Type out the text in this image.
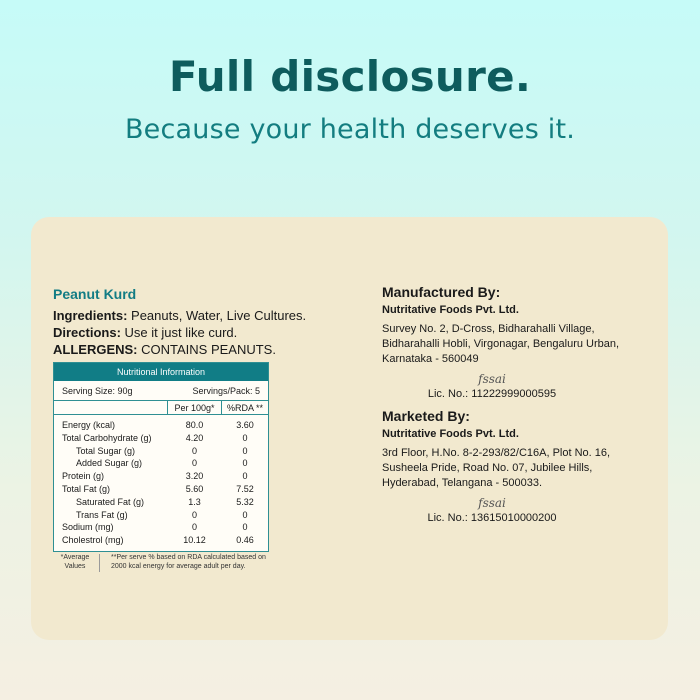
Full disclosure.
Because your health deserves it.
Peanut Kurd
Ingredients: Peanuts, Water, Live Cultures.
Directions: Use it just like curd.
ALLERGENS: CONTAINS PEANUTS.
Nutritional Information
Serving Size: 90g	Servings/Pack: 5
Per 100g*	%RDA **
Energy (kcal)	80.0	3.60
Total Carbohydrate (g)	4.20	0
Total Sugar (g)	0	0
Added Sugar (g)	0	0
Protein (g)	3.20	0
Total Fat (g)	5.60	7.52
Saturated Fat (g)	1.3	5.32
Trans Fat (g)	0	0
Sodium (mg)	0	0
Cholestrol (mg)	10.12	0.46
*Average Values
**Per serve % based on RDA calculated based on 2000 kcal energy for average adult per day.
Manufactured By:
Nutritative Foods Pvt. Ltd.
Survey No. 2, D-Cross, Bidharahalli Village, Bidharahalli Hobli, Virgonagar, Bengaluru Urban, Karnataka - 560049
fssai
Lic. No.: 11222999000595
Marketed By:
Nutritative Foods Pvt. Ltd.
3rd Floor, H.No. 8-2-293/82/C16A, Plot No. 16, Susheela Pride, Road No. 07, Jubilee Hills, Hyderabad, Telangana - 500033.
fssai
Lic. No.: 13615010000200
